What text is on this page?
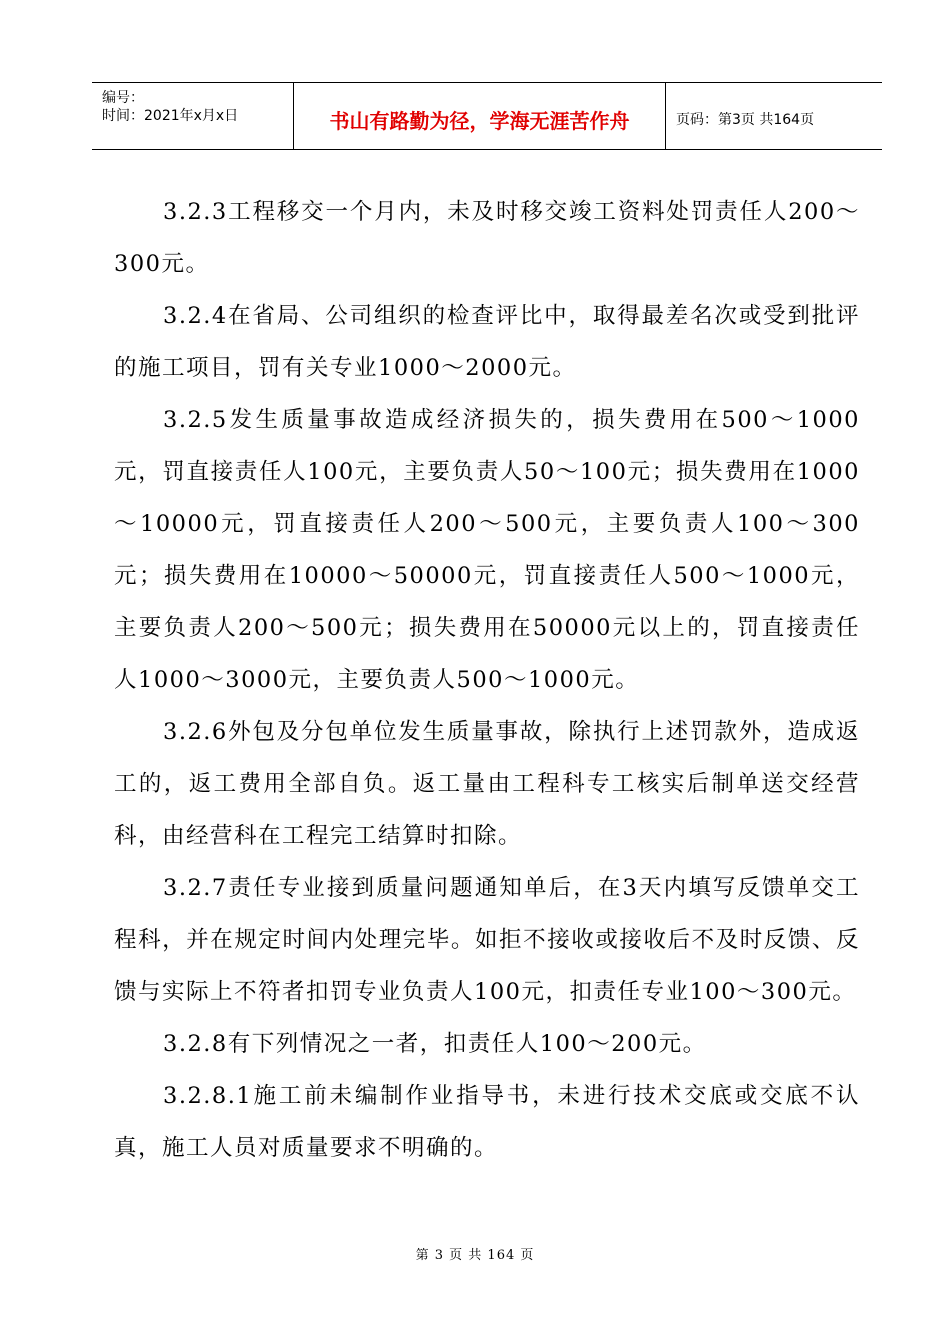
编号：
时间：2021年x月x日	书山有路勤为径，学海无涯苦作舟	页码：第3页 共164页

3.2.3工程移交一个月内，未及时移交竣工资料处罚责任人200～300元。

3.2.4在省局、公司组织的检查评比中，取得最差名次或受到批评的施工项目，罚有关专业1000～2000元。

3.2.5发生质量事故造成经济损失的，损失费用在500～1000元，罚直接责任人100元，主要负责人50～100元；损失费用在1000～10000元，罚直接责任人200～500元，主要负责人100～300元；损失费用在10000～50000元，罚直接责任人500～1000元，主要负责人200～500元；损失费用在50000元以上的，罚直接责任人1000～3000元，主要负责人500～1000元。

3.2.6外包及分包单位发生质量事故，除执行上述罚款外，造成返工的，返工费用全部自负。返工量由工程科专工核实后制单送交经营科，由经营科在工程完工结算时扣除。

3.2.7责任专业接到质量问题通知单后，在3天内填写反馈单交工程科，并在规定时间内处理完毕。如拒不接收或接收后不及时反馈、反馈与实际上不符者扣罚专业负责人100元，扣责任专业100～300元。

3.2.8有下列情况之一者，扣责任人100～200元。

3.2.8.1施工前未编制作业指导书，未进行技术交底或交底不认真，施工人员对质量要求不明确的。

第 3 页 共 164 页
